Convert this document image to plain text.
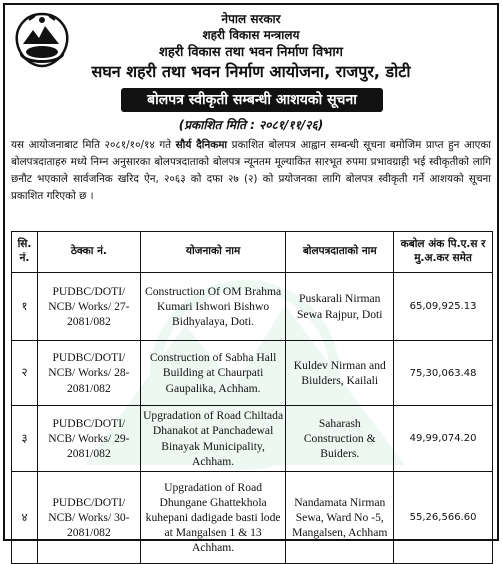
नेपाल सरकार
शहरी विकास मन्त्रालय
शहरी विकास तथा भवन निर्माण विभाग
सघन शहरी तथा भवन निर्माण आयोजना, राजपुर, डोटी
बोलपत्र स्वीकृती सम्बन्धी आशयको सूचना
(प्रकाशित मिति : २०८१/११/२६)

यस आयोजनाबाट मिति २०८१/१०/१४ गते सौर्य दैनिकमा प्रकाशित बोलपत्र आह्वान सम्बन्धी सूचना बमोजिम प्राप्त हुन आएका बोलपत्रदाताहरु मध्ये निम्न अनुसारका बोलपत्रदाताको बोलपत्र न्यूनतम मूल्याकित सारभूत रुपमा प्रभावग्राही भई स्वीकृतीको लागि छनौट भएकाले सार्वजनिक खरिद ऐन, २०६३ को दफा २७ (२) को प्रयोजनका लागि बोलपत्र स्वीकृती गर्ने आशयको सूचना प्रकाशित गरिएको छ ।

सि. नं.	ठेक्का नं.	योजनाको नाम	बोलपत्रदाताको नाम	कबोल अंक पि.ए.स र मु.अ.कर समेत
१	PUDBC/DOTI/ NCB/ Works/ 27-2081/082	Construction Of OM Brahma Kumari Ishwori Bishwo Bidhyalaya, Doti.	Puskarali Nirman Sewa Rajpur, Doti	65,09,925.13
२	PUDBC/DOTI/ NCB/ Works/ 28-2081/082	Construction of Sabha Hall Building at Chaurpati Gaupalika, Achham.	Kuldev Nirman and Biulders, Kailali	75,30,063.48
३	PUDBC/DOTI/ NCB/ Works/ 29-2081/082	Upgradation of Road Chiltada Dhanakot at Panchadewal Binayak Municipality, Achham.	Saharash Construction & Buiders.	49,99,074.20
४	PUDBC/DOTI/ NCB/ Works/ 30-2081/082	Upgradation of Road Dhungane Ghattekhola kuhepani dadigade basti lode at Mangalsen 1 & 13 Achham.	Nandamata Nirman Sewa, Ward No -5, Mangalsen, Achham	55,26,566.60
